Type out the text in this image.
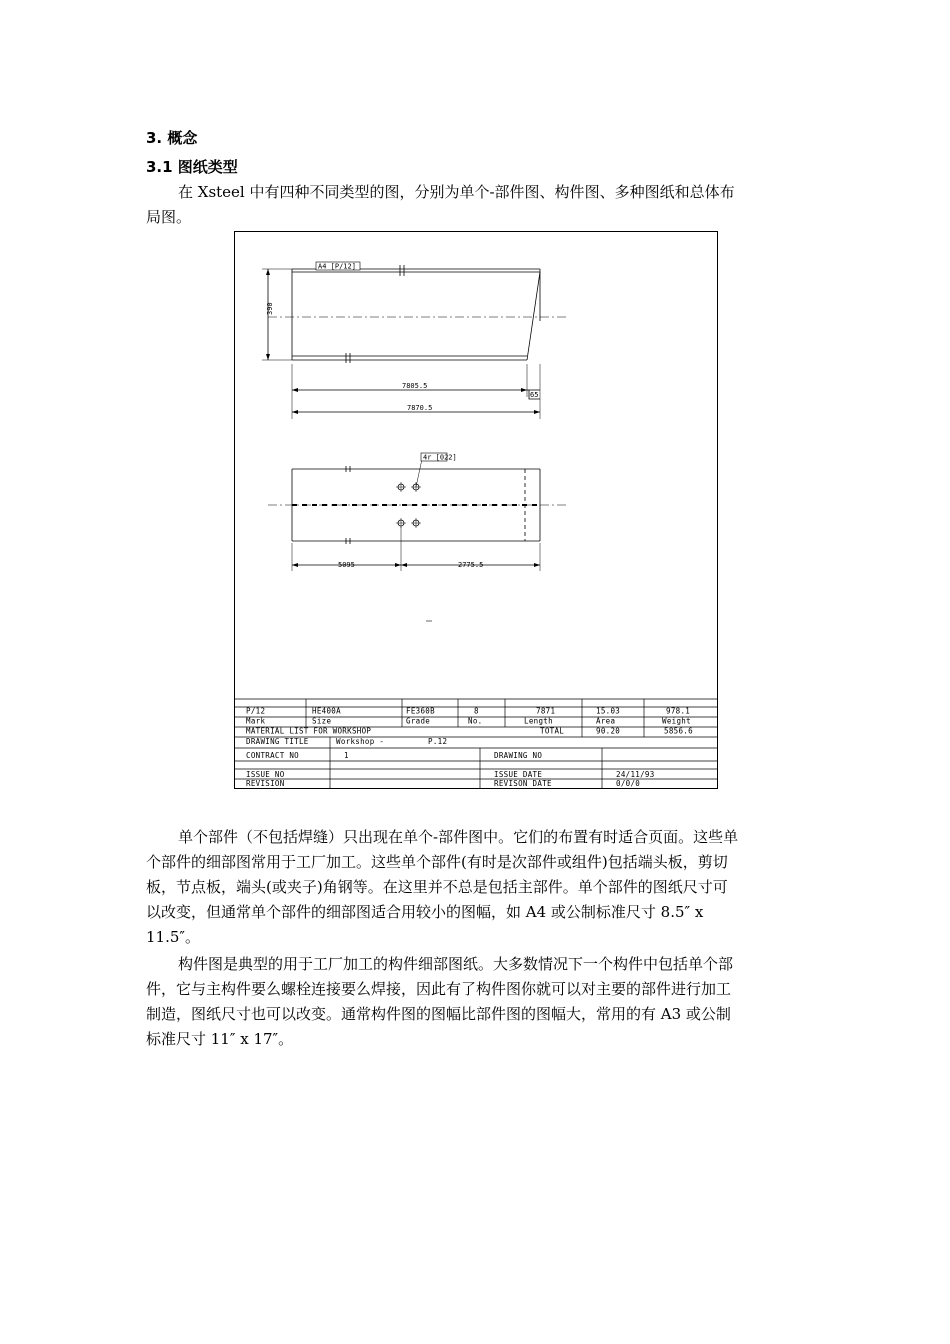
3. 概念
3.1 图纸类型
在 Xsteel 中有四种不同类型的图，分别为单个-部件图、构件图、多种图纸和总体布
局图。
A4 [P/12]
390
7805.5
65
7870.5
4r [022]
5095	2775.5
P/12	HE400A	FE360B	8	7871	15.03	978.1
Mark	Size	Grade	No.	Length	Area	Weight
MATERIAL LIST FOR WORKSHOP	TOTAL	90.20	5856.6
DRAWING TITLE	Workshop -	P.12
CONTRACT NO	1	DRAWING NO
ISSUE NO	ISSUE DATE	24/11/93
REVISION	REVISON DATE	0/0/0
单个部件（不包括焊缝）只出现在单个-部件图中。它们的布置有时适合页面。这些单
个部件的细部图常用于工厂加工。这些单个部件(有时是次部件或组件)包括端头板，剪切
板，节点板，端头(或夹子)角钢等。在这里并不总是包括主部件。单个部件的图纸尺寸可
以改变，但通常单个部件的细部图适合用较小的图幅，如 A4 或公制标准尺寸 8.5″ x
11.5″。
构件图是典型的用于工厂加工的构件细部图纸。大多数情况下一个构件中包括单个部
件，它与主构件要么螺栓连接要么焊接，因此有了构件图你就可以对主要的部件进行加工
制造，图纸尺寸也可以改变。通常构件图的图幅比部件图的图幅大，常用的有 A3 或公制
标准尺寸 11″ x 17″。
